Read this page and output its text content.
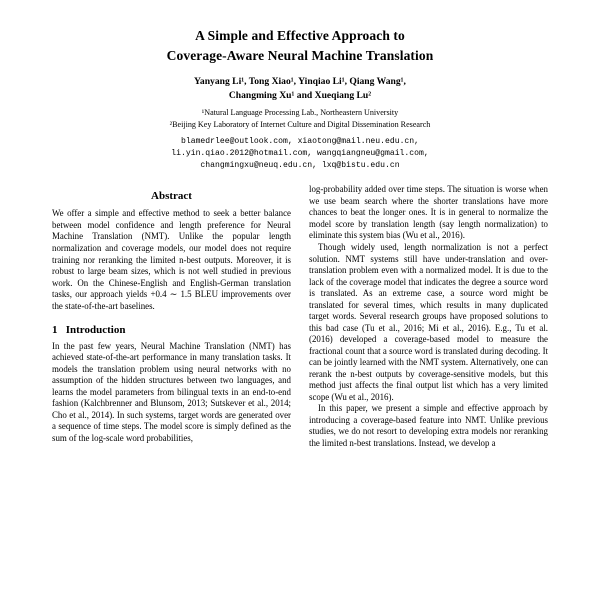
A Simple and Effective Approach to
Coverage-Aware Neural Machine Translation
Yanyang Li¹, Tong Xiao¹, Yinqiao Li¹, Qiang Wang¹,
Changming Xu¹ and Xueqiang Lu²
¹Natural Language Processing Lab., Northeastern University
²Beijing Key Laboratory of Internet Culture and Digital Dissemination Research
blamedrlee@outlook.com, xiaotong@mail.neu.edu.cn,
li.yin.qiao.2012@hotmail.com, wangqiangneu@gmail.com,
changmingxu@neuq.edu.cn, lxq@bistu.edu.cn
Abstract

We offer a simple and effective method to seek a better balance between model confidence and length preference for Neural Machine Translation (NMT). Unlike the popular length normalization and coverage models, our model does not require training nor reranking the limited n-best outputs. Moreover, it is robust to large beam sizes, which is not well studied in previous work. On the Chinese-English and English-German translation tasks, our approach yields +0.4 ∼ 1.5 BLEU improvements over the state-of-the-art baselines.

1 Introduction

In the past few years, Neural Machine Translation (NMT) has achieved state-of-the-art performance in many translation tasks. It models the translation problem using neural networks with no assumption of the hidden structures between two languages, and learns the model parameters from bilingual texts in an end-to-end fashion (Kalchbrenner and Blunsom, 2013; Sutskever et al., 2014; Cho et al., 2014). In such systems, target words are generated over a sequence of time steps. The model score is simply defined as the sum of the log-scale word probabilities,

log-probability added over time steps. The situation is worse when we use beam search where the shorter translations have more chances to beat the longer ones. It is in general to normalize the model score by translation length (say length normalization) to eliminate this system bias (Wu et al., 2016).

Though widely used, length normalization is not a perfect solution. NMT systems still have under-translation and over-translation problem even with a normalized model. It is due to the lack of the coverage model that indicates the degree a source word is translated. As an extreme case, a source word might be translated for several times, which results in many duplicated target words. Several research groups have proposed solutions to this bad case (Tu et al., 2016; Mi et al., 2016). E.g., Tu et al. (2016) developed a coverage-based model to measure the fractional count that a source word is translated during decoding. It can be jointly learned with the NMT system. Alternatively, one can rerank the n-best outputs by coverage-sensitive models, but this method just affects the final output list which has a very limited scope (Wu et al., 2016).

In this paper, we present a simple and effective approach by introducing a coverage-based feature into NMT. Unlike previous studies, we do not resort to developing extra models nor reranking the limited n-best translations. Instead, we develop a
